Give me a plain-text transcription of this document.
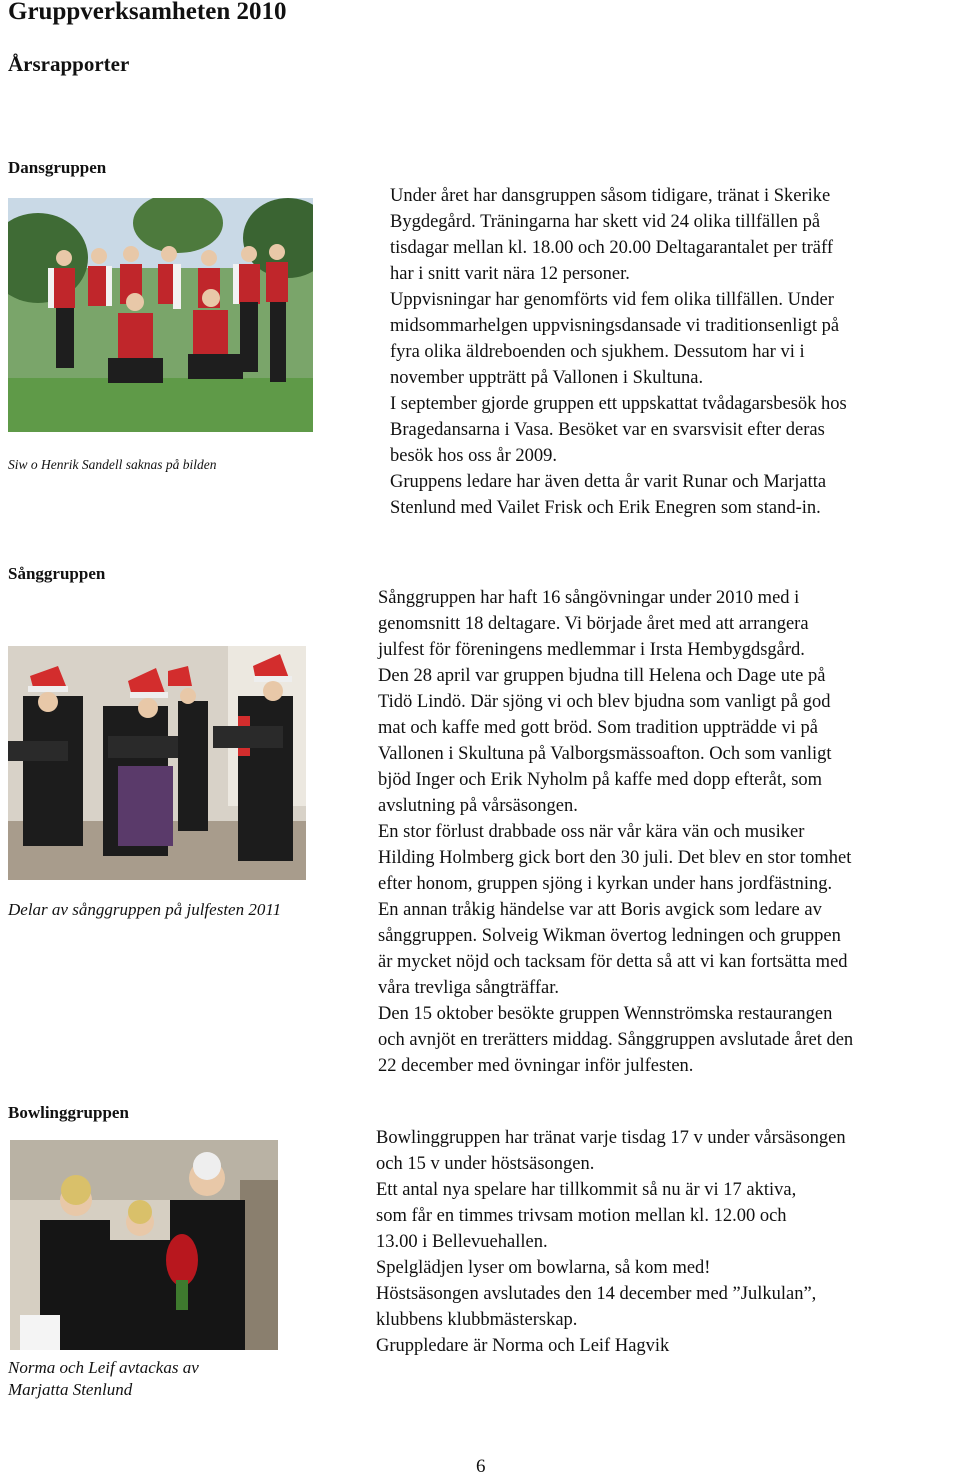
Gruppverksamheten 2010
Årsrapporter
Dansgruppen
Siw o Henrik Sandell saknas på bilden
Under året har dansgruppen såsom tidigare, tränat i Skerike
Bygdegård. Träningarna har skett vid 24 olika tillfällen på
tisdagar mellan kl. 18.00 och 20.00 Deltagarantalet per träff
har i snitt varit nära 12 personer.
Uppvisningar har genomförts vid fem olika tillfällen. Under
midsommarhelgen uppvisningsdansade vi traditionsenligt på
fyra olika äldreboenden och sjukhem. Dessutom har vi i
november uppträtt på Vallonen i Skultuna.
I september gjorde gruppen ett uppskattat tvådagarsbesök hos
Bragedansarna i Vasa. Besöket var en svarsvisit efter deras
besök hos oss år 2009.
Gruppens ledare har även detta år varit Runar och Marjatta
Stenlund med Vailet Frisk och Erik Enegren som stand-in.
Sånggruppen
Delar av sånggruppen på julfesten 2011
Sånggruppen har haft 16 sångövningar under 2010 med i
genomsnitt 18 deltagare. Vi började året med att arrangera
julfest för föreningens medlemmar i Irsta Hembygdsgård.
Den 28 april var gruppen bjudna till Helena och Dage ute på
Tidö Lindö. Där sjöng vi och blev bjudna som vanligt på god
mat och kaffe med gott bröd. Som tradition uppträdde vi på
Vallonen i Skultuna på Valborgsmässoafton. Och som vanligt
bjöd Inger och Erik Nyholm på kaffe med dopp efteråt, som
avslutning på vårsäsongen.
En stor förlust drabbade oss när vår kära vän och musiker
Hilding Holmberg gick bort den 30 juli. Det blev en stor tomhet
efter honom, gruppen sjöng i kyrkan under hans jordfästning.
En annan tråkig händelse var att Boris avgick som ledare av
sånggruppen. Solveig Wikman övertog ledningen och gruppen
är mycket nöjd och tacksam för detta så att vi kan fortsätta med
våra trevliga sångträffar.
Den 15 oktober besökte gruppen Wennströmska restaurangen
och avnjöt en trerätters middag. Sånggruppen avslutade året den
22 december med övningar inför julfesten.
Bowlinggruppen
Norma och Leif avtackas av Marjatta Stenlund
Bowlinggruppen har tränat varje tisdag 17 v under vårsäsongen
och 15 v under höstsäsongen.
Ett antal nya spelare har tillkommit så nu är vi 17 aktiva,
som får en timmes trivsam motion mellan kl. 12.00 och
13.00 i Bellevuehallen.
Spelglädjen lyser om bowlarna, så kom med!
Höstsäsongen avslutades den 14 december med ”Julkulan”,
klubbens klubbmästerskap.
Gruppledare är Norma och Leif Hagvik
6
